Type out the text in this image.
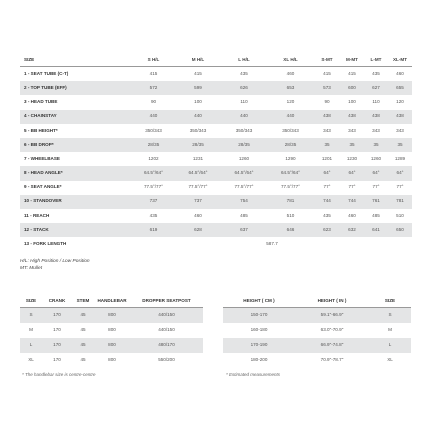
SIZE	S H/L	M H/L	L H/L	XL H/L	S-MT	M-MT	L-MT	XL-MT
1 - SEAT TUBE (C-T)	415	415	435	460	415	415	435	460
2 - TOP TUBE (EFF)	572	599	626	653	573	600	627	655
3 - HEAD TUBE	90	100	110	120	90	100	110	120
4 - CHAINSTAY	440	440	440	440	438	438	438	438
5 - BB HEIGHT*	350/343	350/343	350/343	350/343	343	343	343	343
6 - BB DROP*	28/35	28/35	28/35	28/35	35	35	35	35
7 - WHEELBASE	1202	1231	1260	1290	1201	1230	1260	1289
8 - HEAD ANGLE*	64.5°/64°	64.5°/64°	64.5°/64°	64.5°/64°	64°	64°	64°	64°
9 - SEAT ANGLE*	77.5°/77°	77.5°/77°	77.5°/77°	77.5°/77°	77°	77°	77°	77°
10 - STANDOVER	737	737	754	781	744	744	761	781
11 - REACH	435	460	485	510	435	460	485	510
12 - STACK	619	628	637	646	623	632	641	650
13 - FORK LENGTH	587.7
H/L: High Position / Low Position
MT: Mullet
SIZE	CRANK	STEM	HANDLEBAR	DROPPER SEATPOST
S	170	45	800	440/150
M	170	45	800	440/150
L	170	45	800	480/170
XL	170	45	800	550/200
* The handlebar size is centre-centre
HEIGHT ( CM )	HEIGHT ( IN )	SIZE
150-170	59.1"-66.9"	S
160-180	63.0"-70.9"	M
170-190	66.9"-74.8"	L
180-200	70.9"-78.7"	XL
* Estimated measurements
